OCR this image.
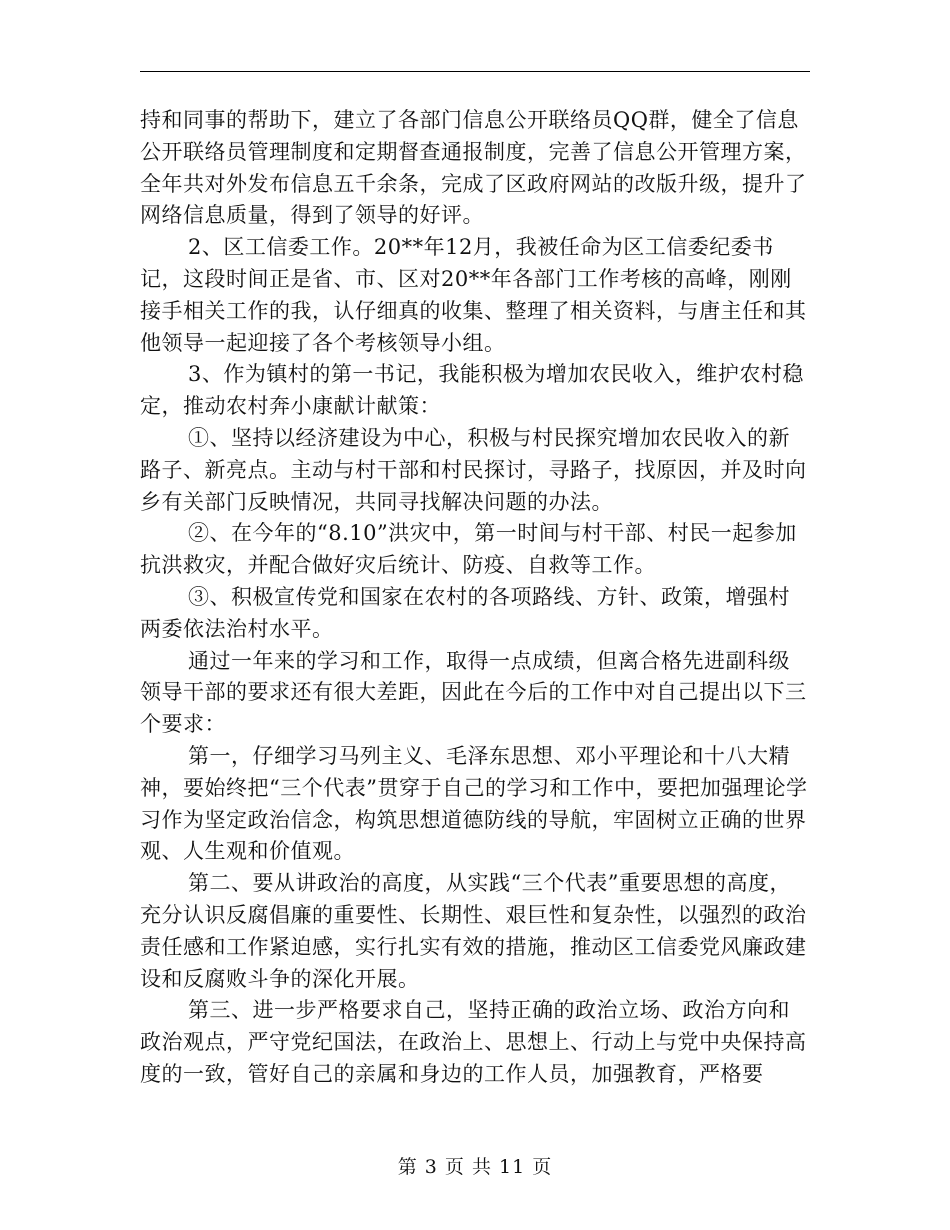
持和同事的帮助下，建立了各部门信息公开联络员QQ群，健全了信息公开联络员管理制度和定期督查通报制度，完善了信息公开管理方案，全年共对外发布信息五千余条，完成了区政府网站的改版升级，提升了网络信息质量，得到了领导的好评。

2、区工信委工作。20**年12月，我被任命为区工信委纪委书记，这段时间正是省、市、区对20**年各部门工作考核的高峰，刚刚接手相关工作的我，认仔细真的收集、整理了相关资料，与唐主任和其他领导一起迎接了各个考核领导小组。

3、作为镇村的第一书记，我能积极为增加农民收入，维护农村稳定，推动农村奔小康献计献策：

①、坚持以经济建设为中心，积极与村民探究增加农民收入的新路子、新亮点。主动与村干部和村民探讨，寻路子，找原因，并及时向乡有关部门反映情况，共同寻找解决问题的办法。

②、在今年的“8.10”洪灾中，第一时间与村干部、村民一起参加抗洪救灾，并配合做好灾后统计、防疫、自救等工作。

③、积极宣传党和国家在农村的各项路线、方针、政策，增强村两委依法治村水平。

通过一年来的学习和工作，取得一点成绩，但离合格先进副科级领导干部的要求还有很大差距，因此在今后的工作中对自己提出以下三个要求：

第一，仔细学习马列主义、毛泽东思想、邓小平理论和十八大精神，要始终把“三个代表”贯穿于自己的学习和工作中，要把加强理论学习作为坚定政治信念，构筑思想道德防线的导航，牢固树立正确的世界观、人生观和价值观。

第二、要从讲政治的高度，从实践“三个代表”重要思想的高度，充分认识反腐倡廉的重要性、长期性、艰巨性和复杂性，以强烈的政治责任感和工作紧迫感，实行扎实有效的措施，推动区工信委党风廉政建设和反腐败斗争的深化开展。

第三、进一步严格要求自己，坚持正确的政治立场、政治方向和政治观点，严守党纪国法，在政治上、思想上、行动上与党中央保持高度的一致，管好自己的亲属和身边的工作人员，加强教育，严格要

第 3 页 共 11 页
